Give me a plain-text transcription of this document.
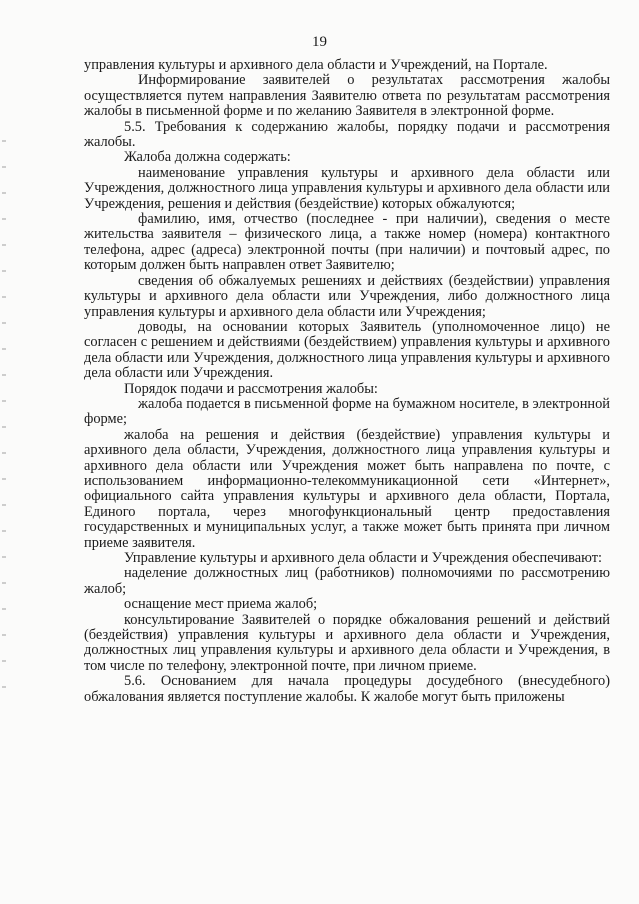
19

управления культуры и архивного дела области и Учреждений, на Портале.

Информирование заявителей о результатах рассмотрения жалобы осуществляется путем направления Заявителю ответа по результатам рассмотрения жалобы в письменной форме и по желанию Заявителя в электронной форме.

5.5. Требования к содержанию жалобы, порядку подачи и рассмотрения жалобы.

Жалоба должна содержать:

наименование управления культуры и архивного дела области или Учреждения, должностного лица управления культуры и архивного дела области или Учреждения, решения и действия (бездействие) которых обжалуются;

фамилию, имя, отчество (последнее - при наличии), сведения о месте жительства заявителя – физического лица, а также номер (номера) контактного телефона, адрес (адреса) электронной почты (при наличии) и почтовый адрес, по которым должен быть направлен ответ Заявителю;

сведения об обжалуемых решениях и действиях (бездействии) управления культуры и архивного дела области или Учреждения, либо должностного лица управления культуры и архивного дела области или Учреждения;

доводы, на основании которых Заявитель (уполномоченное лицо) не согласен с решением и действиями (бездействием) управления культуры и архивного дела области или Учреждения, должностного лица управления культуры и архивного дела области или Учреждения.

Порядок подачи и рассмотрения жалобы:

жалоба подается в письменной форме на бумажном носителе, в электронной форме;

жалоба на решения и действия (бездействие) управления культуры и архивного дела области, Учреждения, должностного лица управления культуры и архивного дела области или Учреждения может быть направлена по почте, с использованием информационно-телекоммуникационной сети «Интернет», официального сайта управления культуры и архивного дела области, Портала, Единого портала, через многофункциональный центр предоставления государственных и муниципальных услуг, а также может быть принята при личном приеме заявителя.

Управление культуры и архивного дела области и Учреждения обеспечивают:

наделение должностных лиц (работников) полномочиями по рассмотрению жалоб;

оснащение мест приема жалоб;

консультирование Заявителей о порядке обжалования решений и действий (бездействия) управления культуры и архивного дела области и Учреждения, должностных лиц управления культуры и архивного дела области и Учреждения, в том числе по телефону, электронной почте, при личном приеме.

5.6. Основанием для начала процедуры досудебного (внесудебного) обжалования является поступление жалобы. К жалобе могут быть приложены
